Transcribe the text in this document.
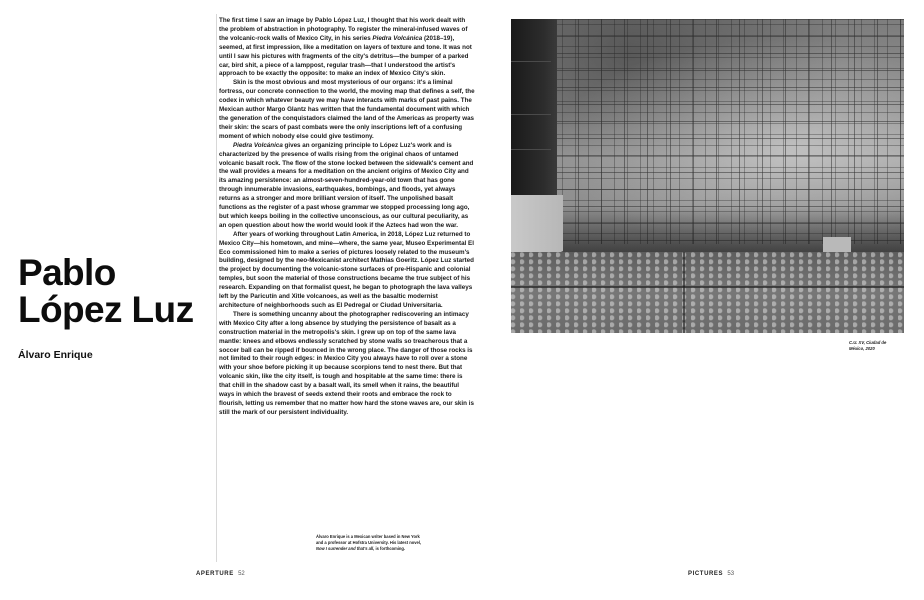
Pablo
López Luz
Álvaro Enrique

The first time I saw an image by Pablo López Luz, I thought that his work dealt with the problem of abstraction in photography. To register the mineral-infused waves of the volcanic-rock walls of Mexico City, in his series Piedra Volcánica (2018–19), seemed, at first impression, like a meditation on layers of texture and tone. It was not until I saw his pictures with fragments of the city's detritus—the bumper of a parked car, bird shit, a piece of a lamppost, regular trash—that I understood the artist's approach to be exactly the opposite: to make an index of Mexico City's skin.

Skin is the most obvious and most mysterious of our organs: it's a liminal fortress, our concrete connection to the world, the moving map that defines a self, the codex in which whatever beauty we may have interacts with marks of past pains. The Mexican author Margo Glantz has written that the fundamental document with which the generation of the conquistadors claimed the land of the Americas as property was their skin: the scars of past combats were the only inscriptions left of a confusing moment of which nobody else could give testimony.

Piedra Volcánica gives an organizing principle to López Luz's work and is characterized by the presence of walls rising from the original chaos of untamed volcanic basalt rock. The flow of the stone locked between the sidewalk's cement and the wall provides a means for a meditation on the ancient origins of Mexico City and its amazing persistence: an almost-seven-hundred-year-old town that has gone through innumerable invasions, earthquakes, bombings, and floods, yet always returns as a stronger and more brilliant version of itself. The unpolished basalt functions as the register of a past whose grammar we stopped processing long ago, but which keeps boiling in the collective unconscious, as our cultural peculiarity, as an open question about how the world would look if the Aztecs had won the war.

After years of working throughout Latin America, in 2018, López Luz returned to Mexico City—his hometown, and mine—where, the same year, Museo Experimental El Eco commissioned him to make a series of pictures loosely related to the museum's building, designed by the neo-Mexicanist architect Mathias Goeritz. López Luz started the project by documenting the volcanic-stone surfaces of pre-Hispanic and colonial temples, but soon the material of those constructions became the true subject of his research. Expanding on that formalist quest, he began to photograph the lava valleys left by the Paricutín and Xitle volcanoes, as well as the basaltic modernist architecture of neighborhoods such as El Pedregal or Ciudad Universitaria.

There is something uncanny about the photographer rediscovering an intimacy with Mexico City after a long absence by studying the persistence of basalt as a construction material in the metropolis's skin. I grew up on top of the same lava mantle: knees and elbows endlessly scratched by stone walls so treacherous that a soccer ball can be ripped if bounced in the wrong place. The danger of those rocks is not limited to their rough edges: in Mexico City you always have to roll over a stone with your shoe before picking it up because scorpions tend to nest there. But that volcanic skin, like the city itself, is tough and hospitable at the same time: there is that chill in the shadow cast by a basalt wall, its smell when it rains, the beautiful ways in which the bravest of seeds extend their roots and embrace the rock to flourish, letting us remember that no matter how hard the stone waves are, our skin is still the mark of our persistent individuality.

Álvaro Enrique is a Mexican writer based in New York and a professor at Hofstra University. His latest novel, Now I surrender and that's all, is forthcoming.
APERTURE 52
C.U. XV, Ciudad de
México, 2020
PICTURES 53
